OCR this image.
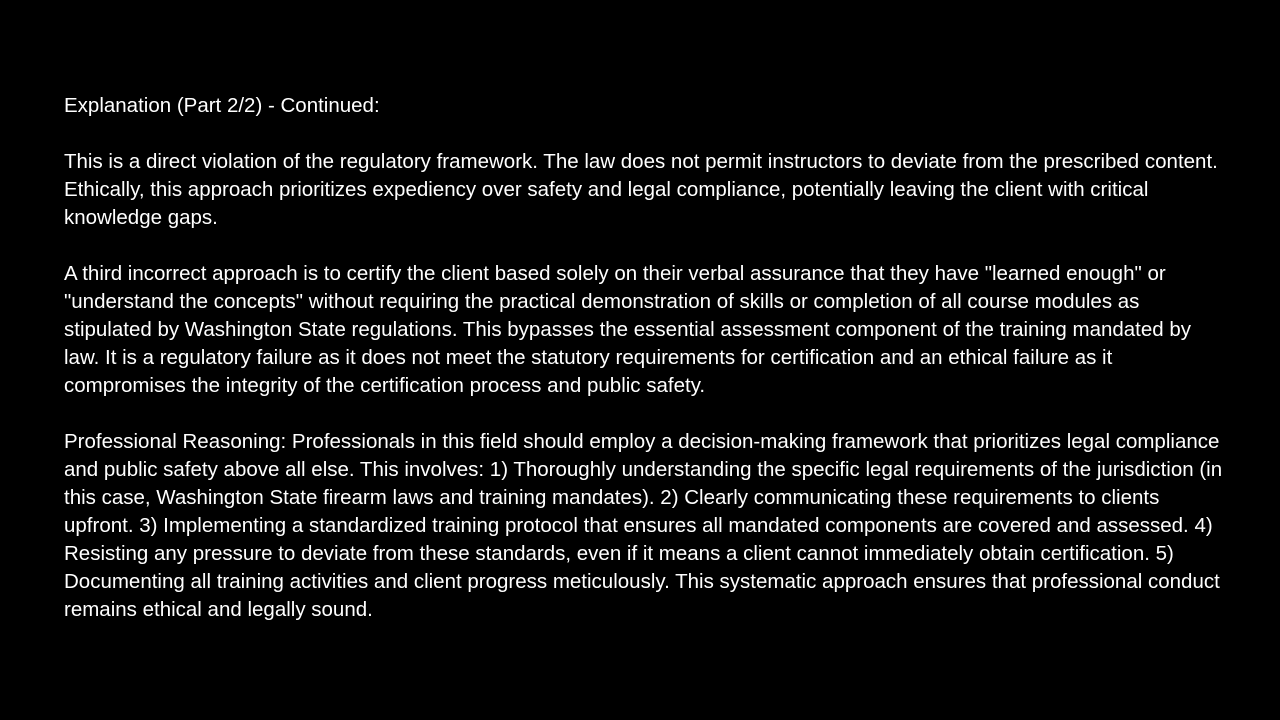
Explanation (Part 2/2) - Continued:

This is a direct violation of the regulatory framework. The law does not permit instructors to deviate from the prescribed content. Ethically, this approach prioritizes expediency over safety and legal compliance, potentially leaving the client with critical knowledge gaps.

A third incorrect approach is to certify the client based solely on their verbal assurance that they have "learned enough" or "understand the concepts" without requiring the practical demonstration of skills or completion of all course modules as stipulated by Washington State regulations. This bypasses the essential assessment component of the training mandated by law. It is a regulatory failure as it does not meet the statutory requirements for certification and an ethical failure as it compromises the integrity of the certification process and public safety.

Professional Reasoning: Professionals in this field should employ a decision-making framework that prioritizes legal compliance and public safety above all else. This involves: 1) Thoroughly understanding the specific legal requirements of the jurisdiction (in this case, Washington State firearm laws and training mandates). 2) Clearly communicating these requirements to clients upfront. 3) Implementing a standardized training protocol that ensures all mandated components are covered and assessed. 4) Resisting any pressure to deviate from these standards, even if it means a client cannot immediately obtain certification. 5) Documenting all training activities and client progress meticulously. This systematic approach ensures that professional conduct remains ethical and legally sound.
